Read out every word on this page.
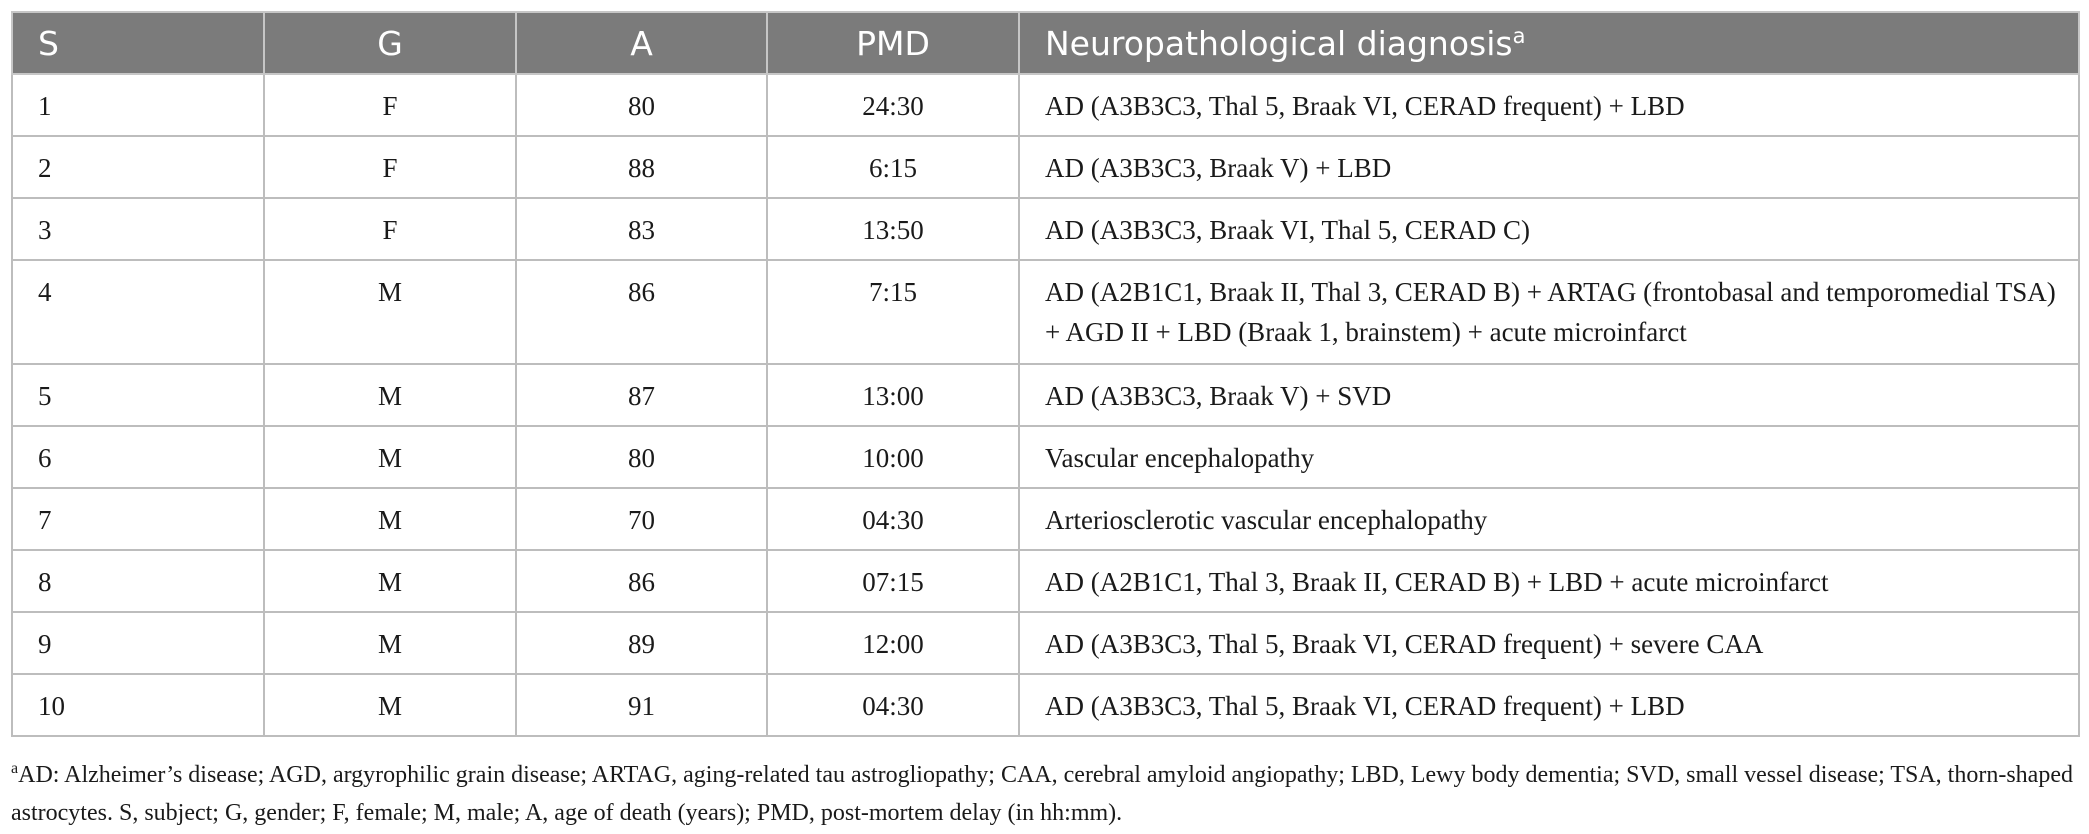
S	G	A	PMD	Neuropathological diagnosis$^a$

1	F	80	24:30	AD (A3B3C3, Thal 5, Braak VI, CERAD frequent) + LBD

2	F	88	6:15	AD (A3B3C3, Braak V) + LBD

3	F	83	13:50	AD (A3B3C3, Braak VI, Thal 5, CERAD C)

4	M	86	7:15	AD (A2B1C1, Braak II, Thal 3, CERAD B) + ARTAG (frontobasal and temporomedial TSA) + AGD II + LBD (Braak 1, brainstem) + acute microinfarct

5	M	87	13:00	AD (A3B3C3, Braak V) + SVD

6	M	80	10:00	Vascular encephalopathy

7	M	70	04:30	Arteriosclerotic vascular encephalopathy

8	M	86	07:15	AD (A2B1C1, Thal 3, Braak II, CERAD B) + LBD + acute microinfarct

9	M	89	12:00	AD (A3B3C3, Thal 5, Braak VI, CERAD frequent) + severe CAA

10	M	91	04:30	AD (A3B3C3, Thal 5, Braak VI, CERAD frequent) + LBD
$^a$AD: Alzheimer’s disease; AGD, argyrophilic grain disease; ARTAG, aging-related tau astrogliopathy; CAA, cerebral amyloid angiopathy; LBD, Lewy body dementia; SVD, small vessel disease; TSA, thorn-shaped astrocytes. S, subject; G, gender; F, female; M, male; A, age of death (years); PMD, post-mortem delay (in hh:mm).
